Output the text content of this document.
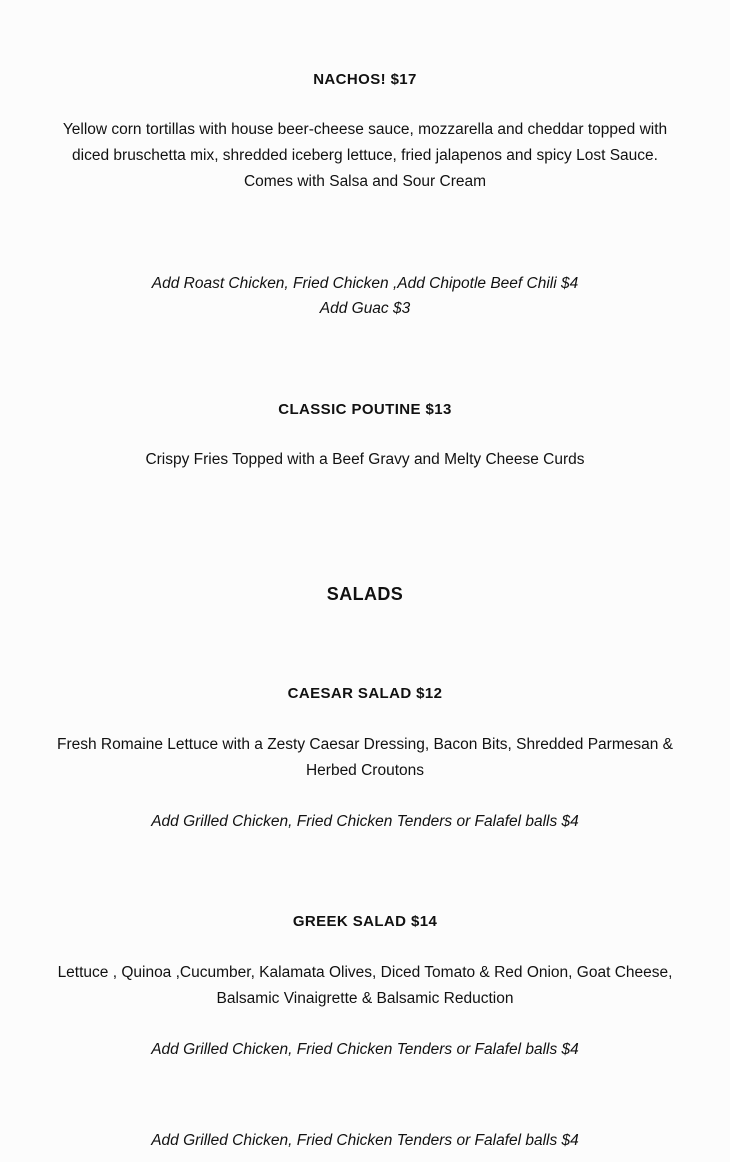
NACHOS! $17

Yellow corn tortillas with house beer-cheese sauce, mozzarella and cheddar topped with
diced bruschetta mix, shredded iceberg lettuce, fried jalapenos and spicy Lost Sauce.
Comes with Salsa and Sour Cream
Add Roast Chicken, Fried Chicken ,Add Chipotle Beef Chili $4
Add Guac $3

CLASSIC POUTINE $13

Crispy Fries Topped with a Beef Gravy and Melty Cheese Curds

SALADS

CAESAR SALAD $12

Fresh Romaine Lettuce with a Zesty Caesar Dressing, Bacon Bits, Shredded Parmesan &
Herbed Croutons

Add Grilled Chicken, Fried Chicken Tenders or Falafel balls $4

GREEK SALAD $14

Lettuce , Quinoa ,Cucumber, Kalamata Olives, Diced Tomato & Red Onion, Goat Cheese,
Balsamic Vinaigrette & Balsamic Reduction

Add Grilled Chicken, Fried Chicken Tenders or Falafel balls $4

Add Grilled Chicken, Fried Chicken Tenders or Falafel balls $4
